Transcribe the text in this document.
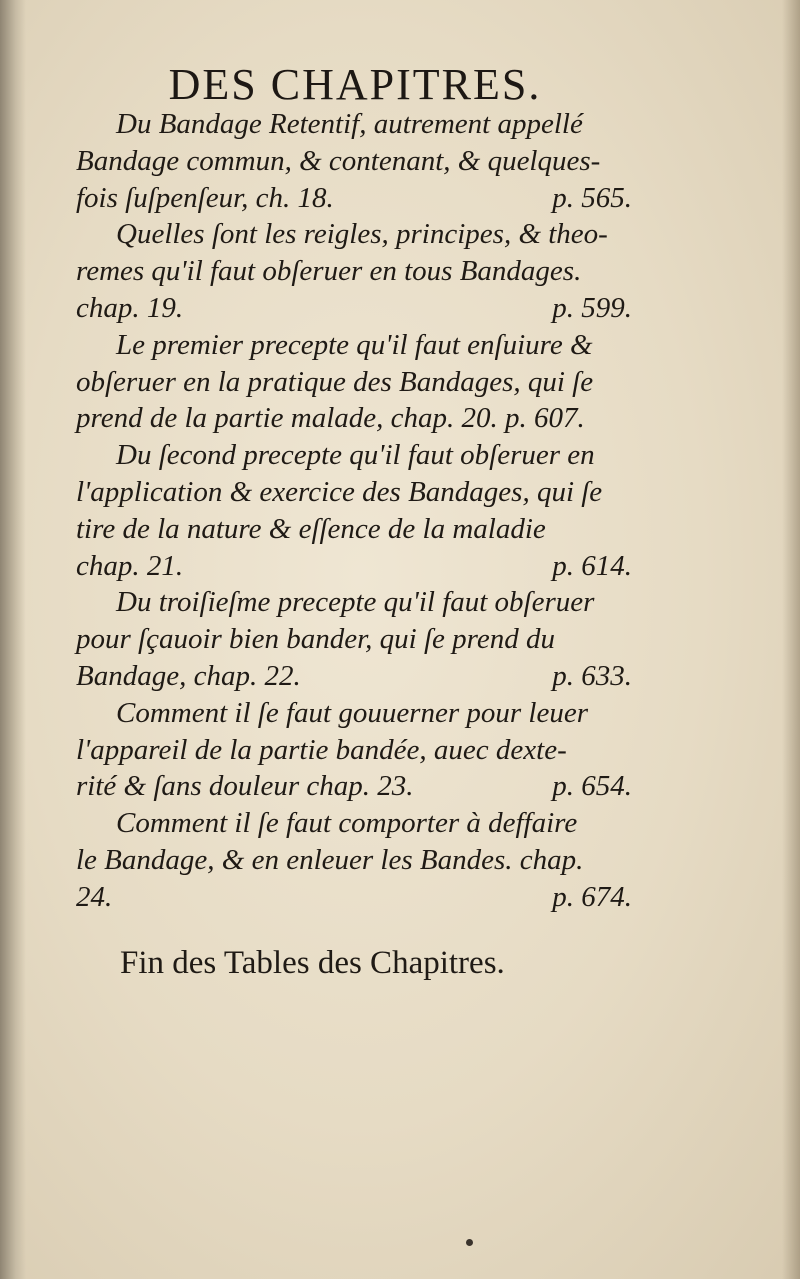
DES CHAPITRES.
Du Bandage Retentif, autrement appellé
Bandage commun, & contenant, & quelques-
fois ſuſpenſeur, ch. 18.	p. 565.
Quelles ſont les reigles, principes, & theo-
remes qu'il faut obſeruer en tous Bandages.
chap. 19.	p. 599.
Le premier precepte qu'il faut enſuiure &
obſeruer en la pratique des Bandages, qui ſe
prend de la partie malade, chap. 20. p. 607.
Du ſecond precepte qu'il faut obſeruer en
l'application & exercice des Bandages, qui ſe
tire de la nature & eſſence de la maladie
chap. 21.	p. 614.
Du troiſieſme precepte qu'il faut obſeruer
pour ſçauoir bien bander, qui ſe prend du
Bandage, chap. 22.	p. 633.
Comment il ſe faut gouuerner pour leuer
l'appareil de la partie bandée, auec dexte-
rité & ſans douleur chap. 23.	p. 654.
Comment il ſe faut comporter à deffaire
le Bandage, & en enleuer les Bandes. chap.
24.	p. 674.
Fin des Tables des Chapitres.
